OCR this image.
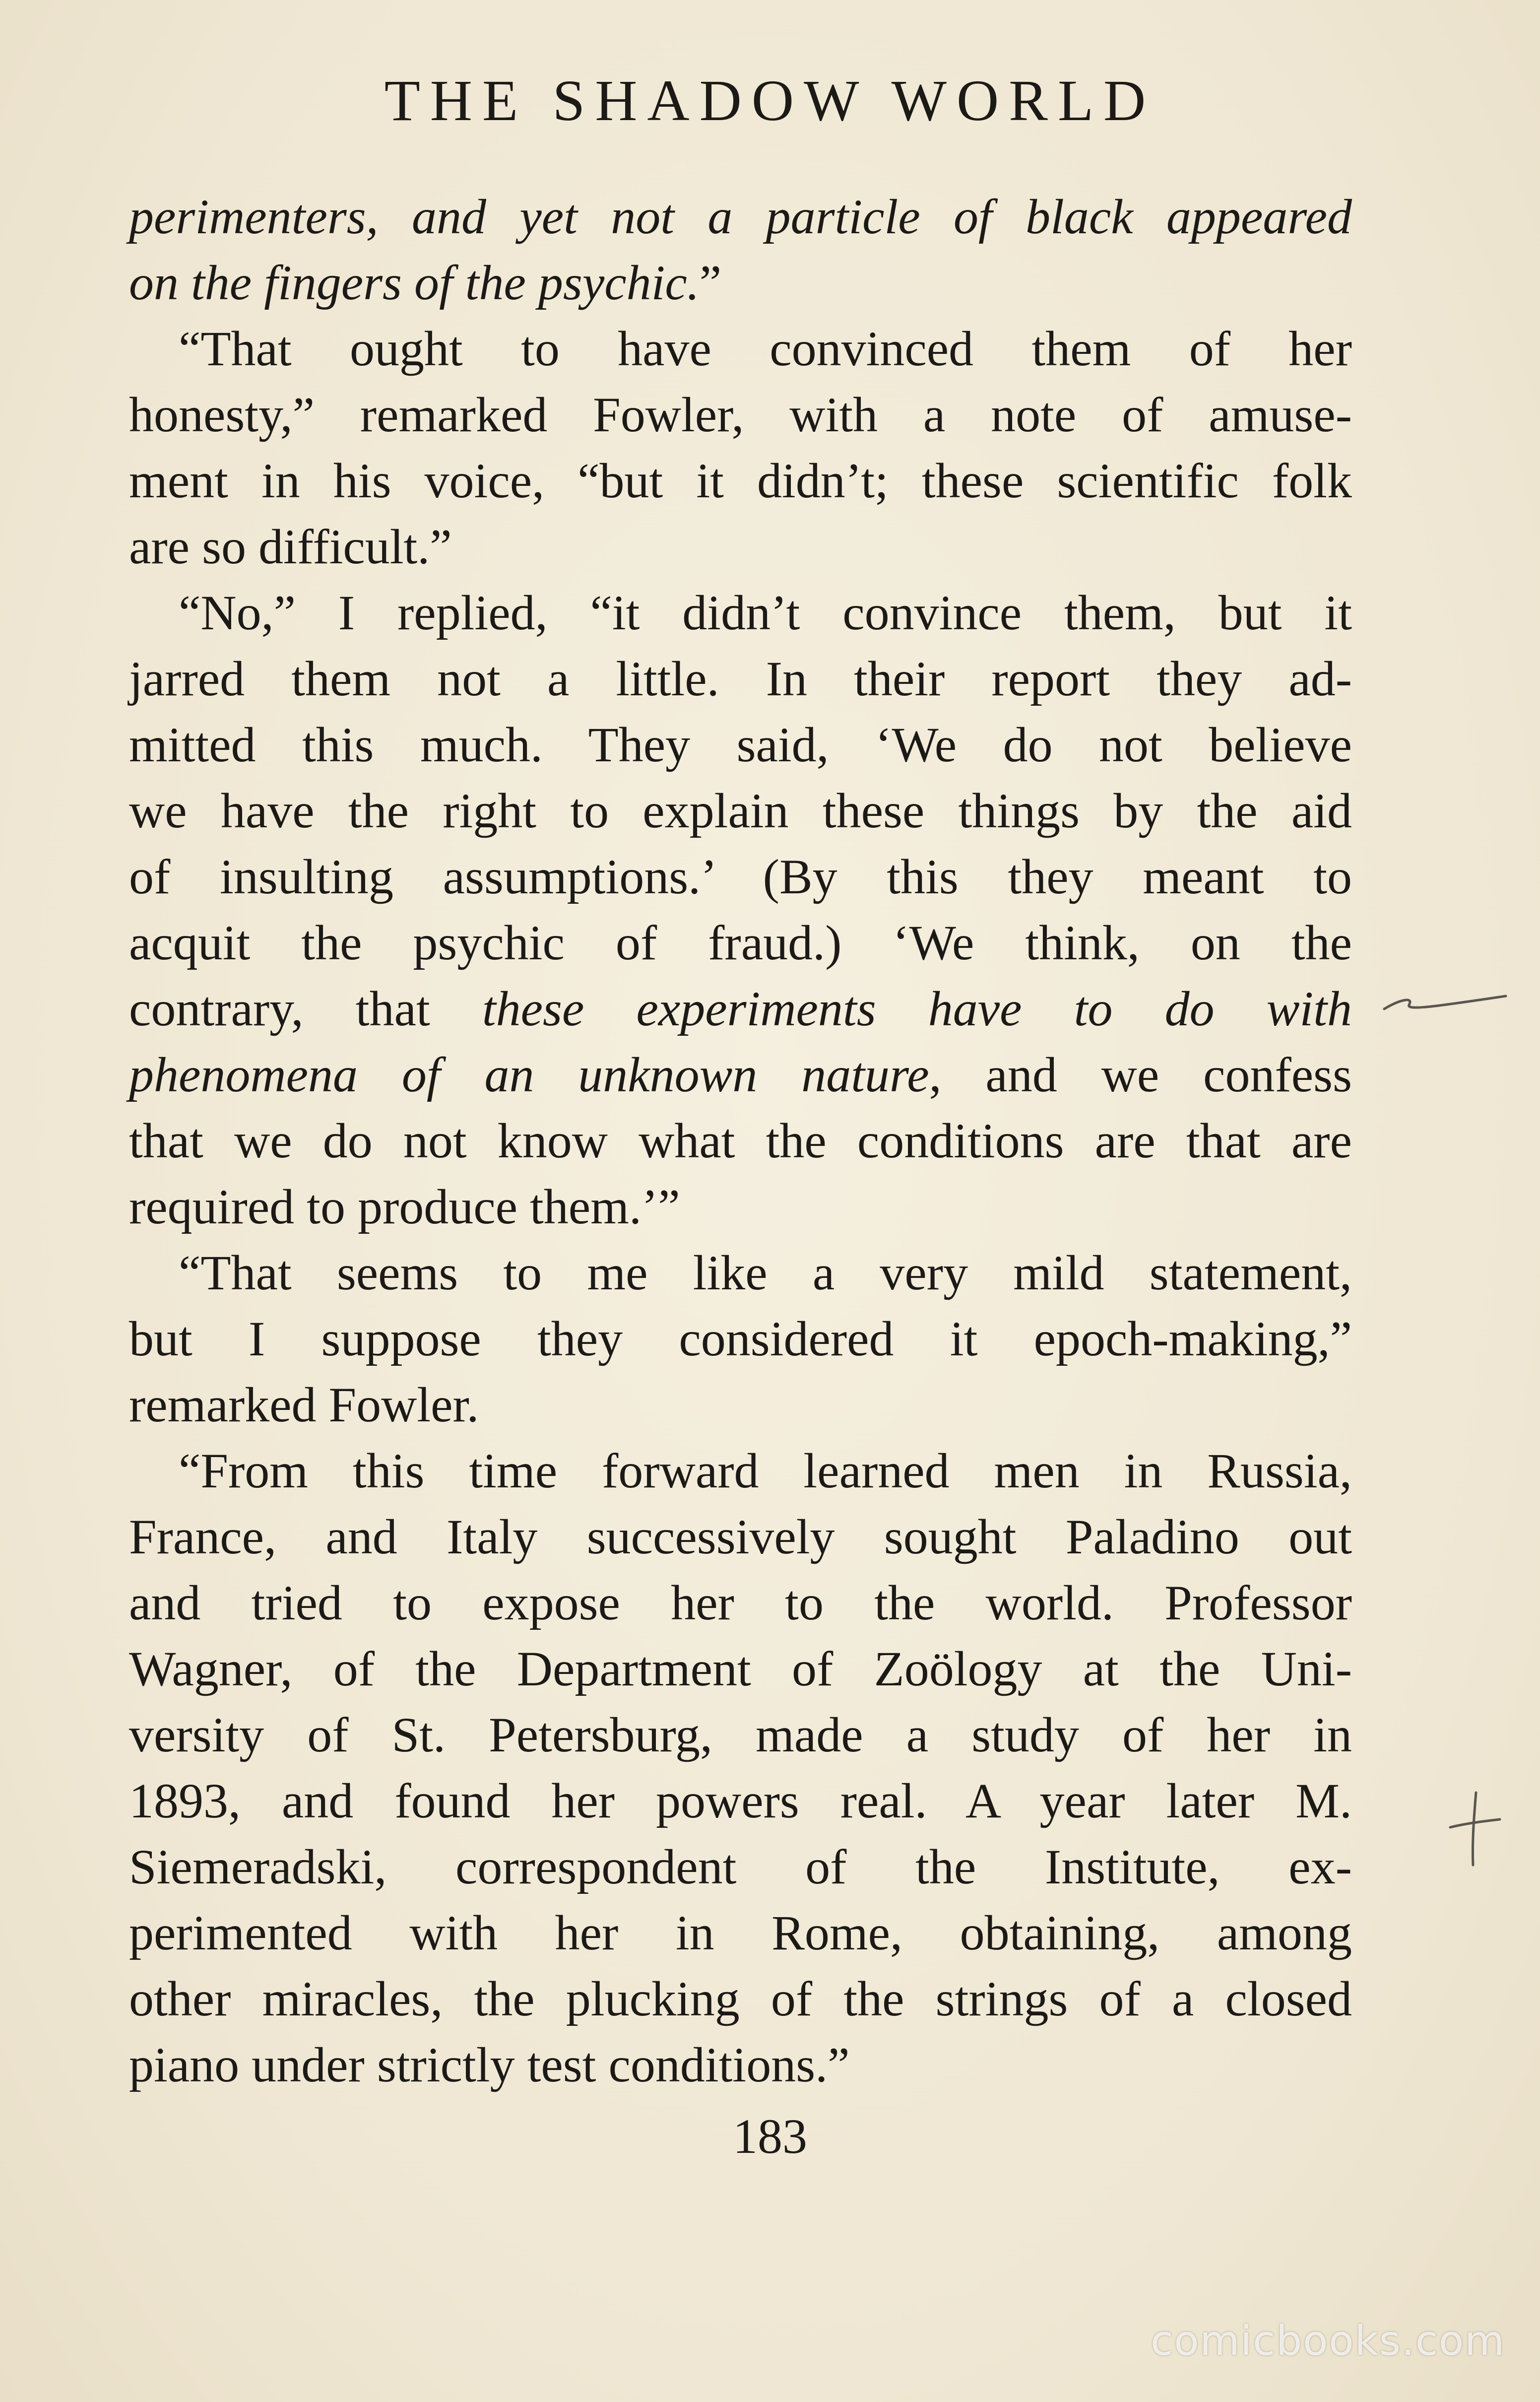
THE SHADOW WORLD
perimenters, and yet not a particle of black appeared
on the fingers of the psychic.”
“That ought to have convinced them of her
honesty,” remarked Fowler, with a note of amuse-
ment in his voice, “but it didn’t; these scientific folk
are so difficult.”
“No,” I replied, “it didn’t convince them, but it
jarred them not a little. In their report they ad-
mitted this much. They said, ‘We do not believe
we have the right to explain these things by the aid
of insulting assumptions.’ (By this they meant to
acquit the psychic of fraud.) ‘We think, on the
contrary, that these experiments have to do with
phenomena of an unknown nature, and we confess
that we do not know what the conditions are that are
required to produce them.’”
“That seems to me like a very mild statement,
but I suppose they considered it epoch-making,”
remarked Fowler.
“From this time forward learned men in Russia,
France, and Italy successively sought Paladino out
and tried to expose her to the world. Professor
Wagner, of the Department of Zoölogy at the Uni-
versity of St. Petersburg, made a study of her in
1893, and found her powers real. A year later M.
Siemeradski, correspondent of the Institute, ex-
perimented with her in Rome, obtaining, among
other miracles, the plucking of the strings of a closed
piano under strictly test conditions.”
183
comicbooks.com
